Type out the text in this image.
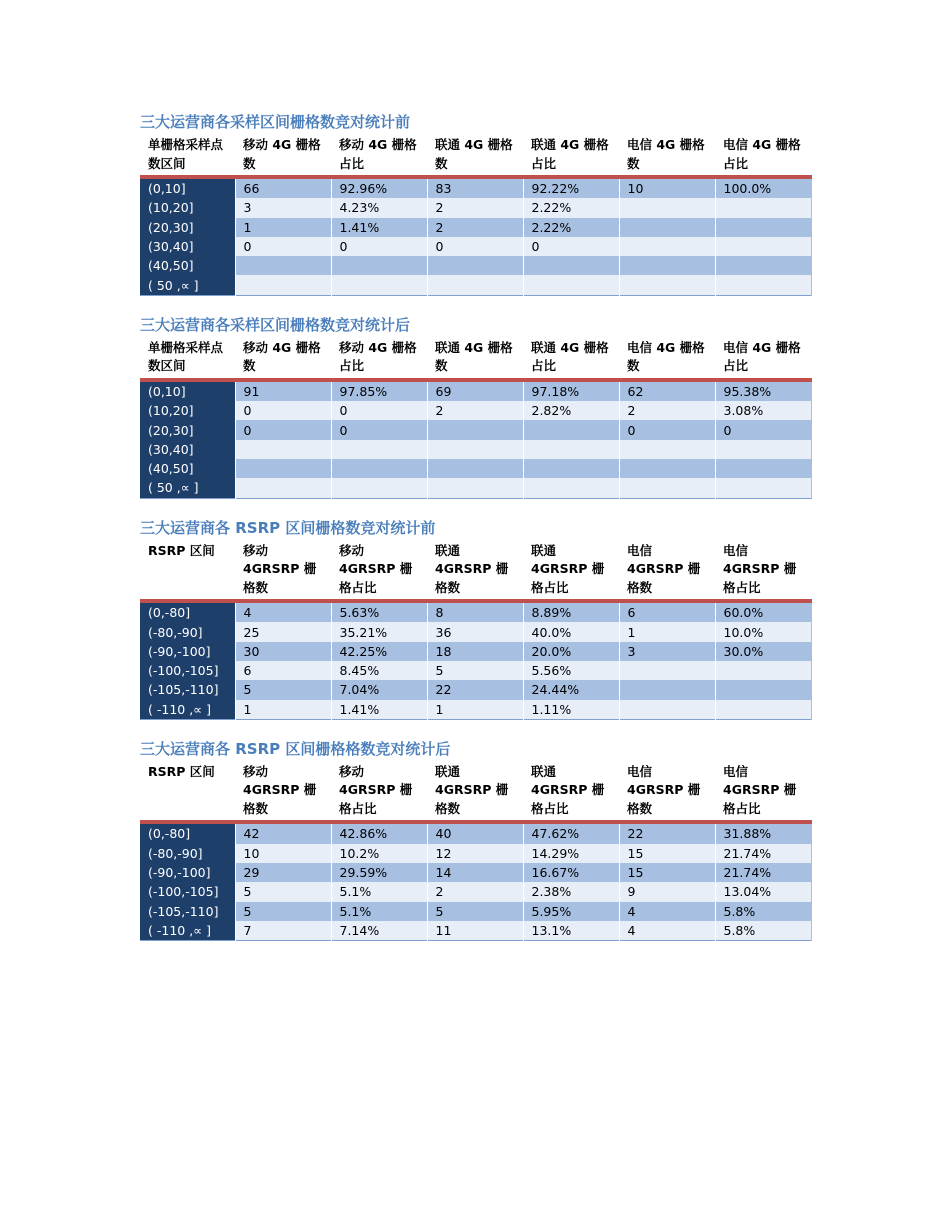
三大运营商各采样区间栅格数竞对统计前
单栅格采样点数区间	移动 4G 栅格数	移动 4G 栅格占比	联通 4G 栅格数	联通 4G 栅格占比	电信 4G 栅格数	电信 4G 栅格占比
(0,10]	66	92.96%	83	92.22%	10	100.0%
(10,20]	3	4.23%	2	2.22%		
(20,30]	1	1.41%	2	2.22%		
(30,40]	0	0	0	0		
(40,50]						
( 50 ,∝ ]						
三大运营商各采样区间栅格数竞对统计后
单栅格采样点数区间	移动 4G 栅格数	移动 4G 栅格占比	联通 4G 栅格数	联通 4G 栅格占比	电信 4G 栅格数	电信 4G 栅格占比
(0,10]	91	97.85%	69	97.18%	62	95.38%
(10,20]	0	0	2	2.82%	2	3.08%
(20,30]	0	0			0	0
(30,40]						
(40,50]						
( 50 ,∝ ]						
三大运营商各 RSRP 区间栅格数竞对统计前
RSRP 区间	移动 4GRSRP 栅格数	移动 4GRSRP 栅格占比	联通 4GRSRP 栅格数	联通 4GRSRP 栅格占比	电信 4GRSRP 栅格数	电信 4GRSRP 栅格占比
(0,-80]	4	5.63%	8	8.89%	6	60.0%
(-80,-90]	25	35.21%	36	40.0%	1	10.0%
(-90,-100]	30	42.25%	18	20.0%	3	30.0%
(-100,-105]	6	8.45%	5	5.56%		
(-105,-110]	5	7.04%	22	24.44%		
( -110 ,∝ ]	1	1.41%	1	1.11%		
三大运营商各 RSRP 区间栅格格数竞对统计后
RSRP 区间	移动 4GRSRP 栅格数	移动 4GRSRP 栅格占比	联通 4GRSRP 栅格数	联通 4GRSRP 栅格占比	电信 4GRSRP 栅格数	电信 4GRSRP 栅格占比
(0,-80]	42	42.86%	40	47.62%	22	31.88%
(-80,-90]	10	10.2%	12	14.29%	15	21.74%
(-90,-100]	29	29.59%	14	16.67%	15	21.74%
(-100,-105]	5	5.1%	2	2.38%	9	13.04%
(-105,-110]	5	5.1%	5	5.95%	4	5.8%
( -110 ,∝ ]	7	7.14%	11	13.1%	4	5.8%
